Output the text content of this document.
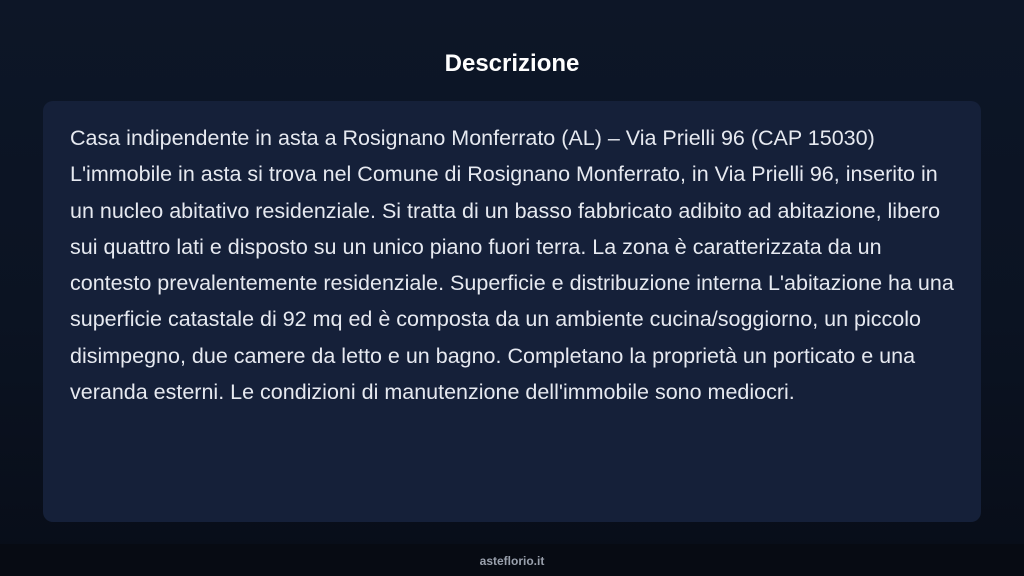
Descrizione

Casa indipendente in asta a Rosignano Monferrato (AL) – Via Prielli 96 (CAP 15030) L'immobile in asta si trova nel Comune di Rosignano Monferrato, in Via Prielli 96, inserito in un nucleo abitativo residenziale. Si tratta di un basso fabbricato adibito ad abitazione, libero sui quattro lati e disposto su un unico piano fuori terra. La zona è caratterizzata da un contesto prevalentemente residenziale. Superficie e distribuzione interna L'abitazione ha una superficie catastale di 92 mq ed è composta da un ambiente cucina/soggiorno, un piccolo disimpegno, due camere da letto e un bagno. Completano la proprietà un porticato e una veranda esterni. Le condizioni di manutenzione dell'immobile sono mediocri.

asteflorio.it
